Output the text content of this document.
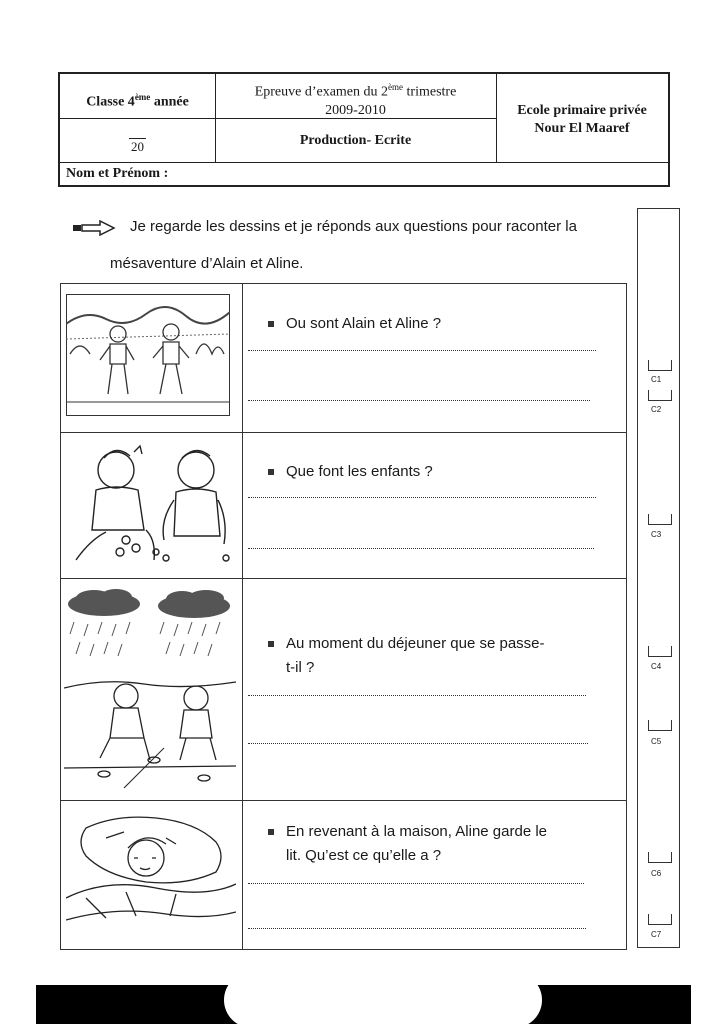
Classe 4ème année
Epreuve d’examen du 2ème trimestre
2009-2010	Ecole primaire privée
Nour El Maaref
20	Production- Ecrite
Nom et Prénom :
Je regarde les dessins et je réponds aux questions pour raconter la
mésaventure d’Alain et Aline.
Ou sont Alain et Aline ?
Que font les enfants ?
Au moment du déjeuner que se passe-
t-il ?
En revenant à la maison, Aline garde le
lit. Qu’est ce qu’elle a ?
C1
C2
C3
C4
C5
C6
C7
